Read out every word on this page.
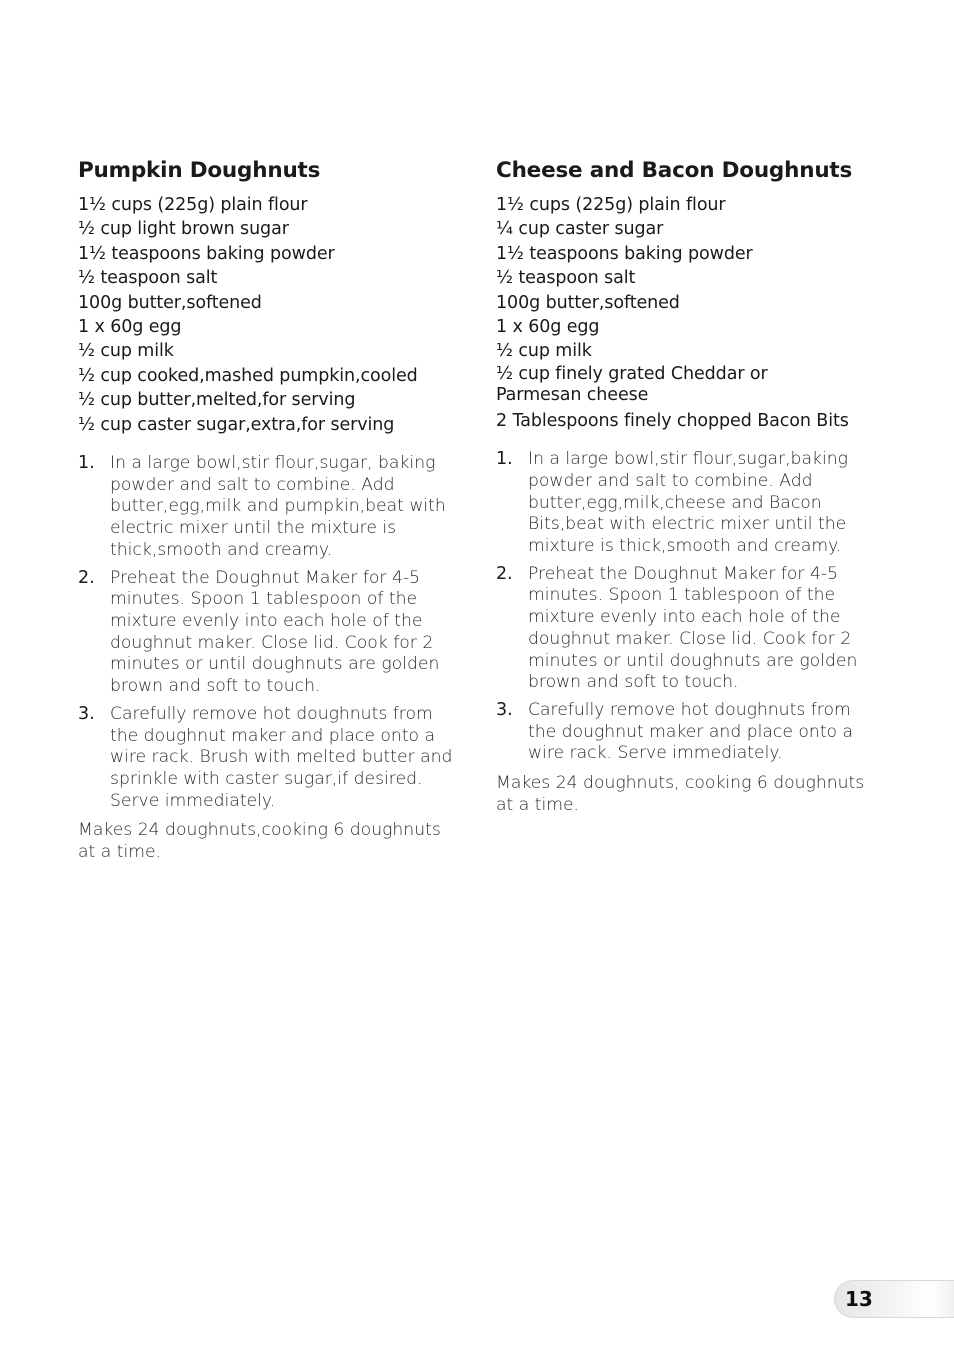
Pumpkin Doughnuts
1½ cups (225g) plain flour
½ cup light brown sugar
1½ teaspoons baking powder
½ teaspoon salt
100g butter,softened
1 x 60g egg
½ cup milk
½ cup cooked,mashed pumpkin,cooled
½ cup butter,melted,for serving
½ cup caster sugar,extra,for serving
1. In a large bowl,stir flour,sugar, baking powder and salt to combine. Add butter,egg,milk and pumpkin,beat with electric mixer until the mixture is thick,smooth and creamy.
2. Preheat the Doughnut Maker for 4-5 minutes. Spoon 1 tablespoon of the mixture evenly into each hole of the doughnut maker. Close lid. Cook for 2 minutes or until doughnuts are golden brown and soft to touch.
3. Carefully remove hot doughnuts from the doughnut maker and place onto a wire rack. Brush with melted butter and sprinkle with caster sugar,if desired. Serve immediately.

Makes 24 doughnuts,cooking 6 doughnuts at a time.

Cheese and Bacon Doughnuts
1½ cups (225g) plain flour
¼ cup caster sugar
1½ teaspoons baking powder
½ teaspoon salt
100g butter,softened
1 x 60g egg
½ cup milk
½ cup finely grated Cheddar or Parmesan cheese
2 Tablespoons finely chopped Bacon Bits
1. In a large bowl,stir flour,sugar,baking powder and salt to combine. Add butter,egg,milk,cheese and Bacon Bits,beat with electric mixer until the mixture is thick,smooth and creamy.
2. Preheat the Doughnut Maker for 4-5 minutes. Spoon 1 tablespoon of the mixture evenly into each hole of the doughnut maker. Close lid. Cook for 2 minutes or until doughnuts are golden brown and soft to touch.
3. Carefully remove hot doughnuts from the doughnut maker and place onto a wire rack. Serve immediately.

Makes 24 doughnuts, cooking 6 doughnuts at a time.

13
